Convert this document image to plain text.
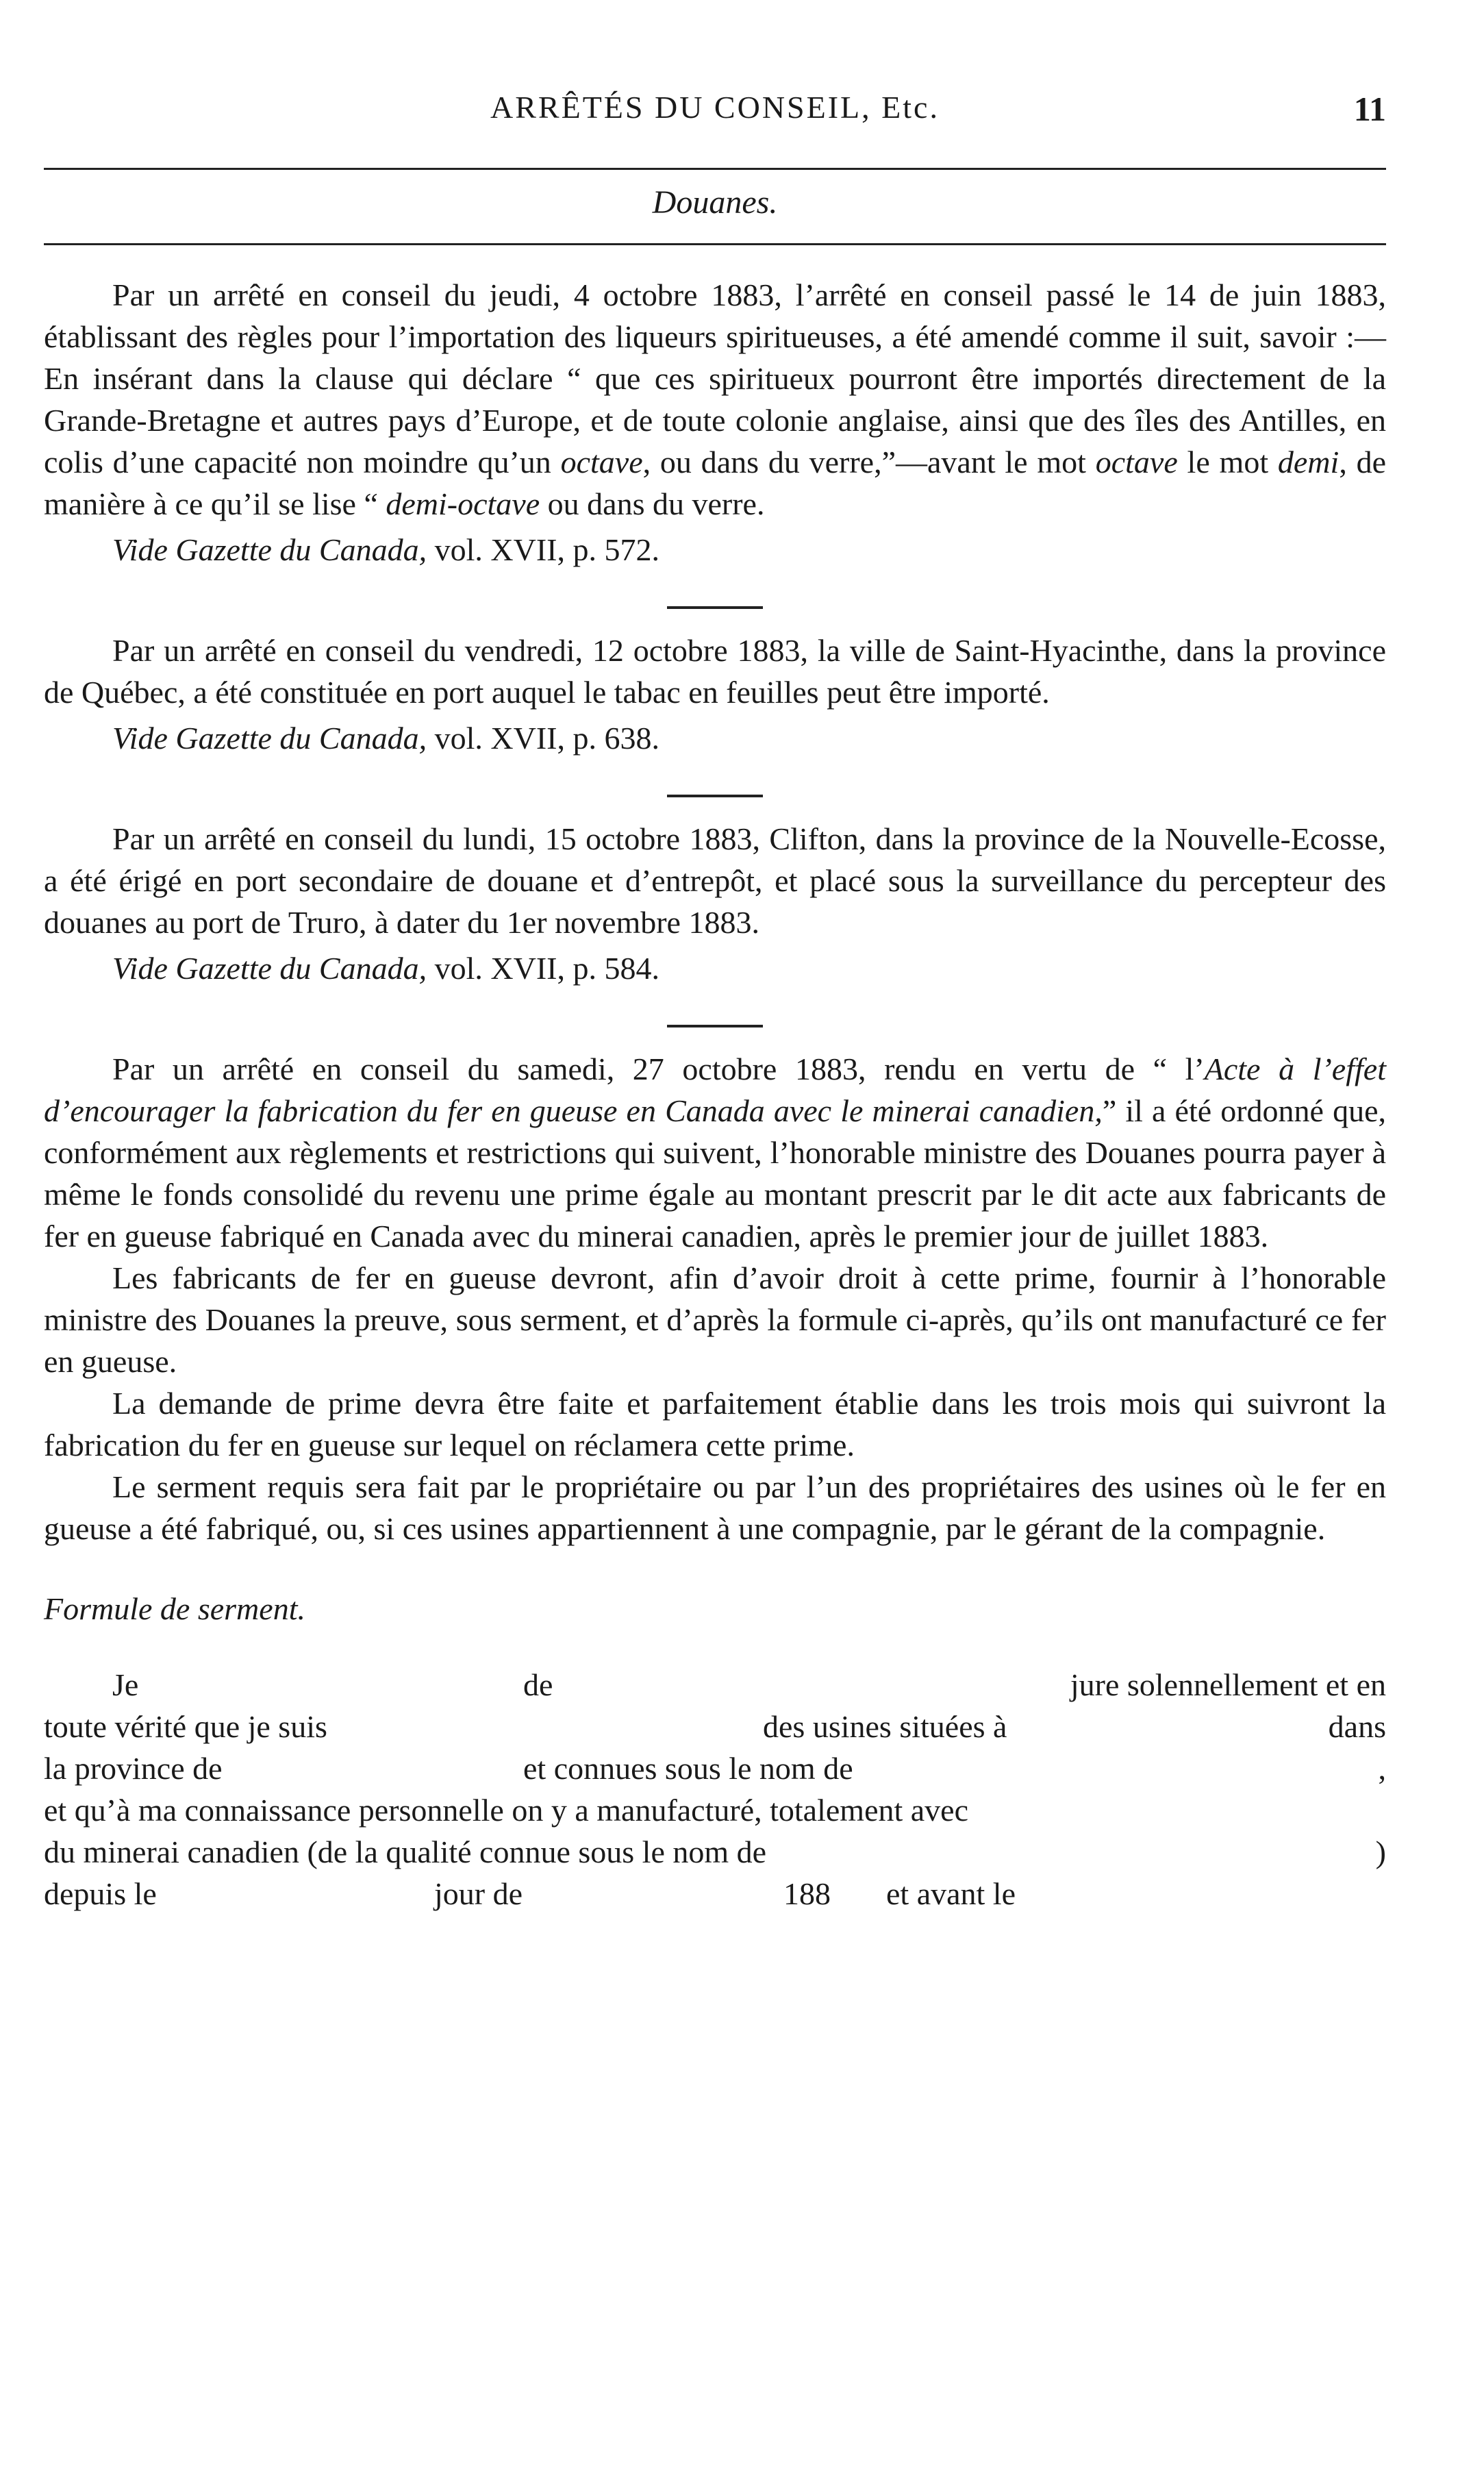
ARRÊTÉS DU CONSEIL, Etc.	11
Douanes.

Par un arrêté en conseil du jeudi, 4 octobre 1883, l’arrêté en conseil passé le 14 de juin 1883, établissant des règles pour l’importation des liqueurs spiritueuses, a été amendé comme il suit, savoir :—En insérant dans la clause qui déclare “ que ces spiritueux pourront être importés directement de la Grande-Bretagne et autres pays d’Europe, et de toute colonie anglaise, ainsi que des îles des Antilles, en colis d’une capacité non moindre qu’un octave, ou dans du verre,”—avant le mot octave le mot demi, de manière à ce qu’il se lise “ demi-octave ou dans du verre.

Vide Gazette du Canada, vol. XVII, p. 572.

Par un arrêté en conseil du vendredi, 12 octobre 1883, la ville de Saint-Hyacinthe, dans la province de Québec, a été constituée en port auquel le tabac en feuilles peut être importé.

Vide Gazette du Canada, vol. XVII, p. 638.

Par un arrêté en conseil du lundi, 15 octobre 1883, Clifton, dans la province de la Nouvelle-Ecosse, a été érigé en port secondaire de douane et d’entrepôt, et placé sous la surveillance du percepteur des douanes au port de Truro, à dater du 1er novembre 1883.

Vide Gazette du Canada, vol. XVII, p. 584.

Par un arrêté en conseil du samedi, 27 octobre 1883, rendu en vertu de “ l’Acte à l’effet d’encourager la fabrication du fer en gueuse en Canada avec le minerai canadien,” il a été ordonné que, conformément aux règlements et restrictions qui suivent, l’honorable ministre des Douanes pourra payer à même le fonds consolidé du revenu une prime égale au montant prescrit par le dit acte aux fabricants de fer en gueuse fabriqué en Canada avec du minerai canadien, après le premier jour de juillet 1883.

Les fabricants de fer en gueuse devront, afin d’avoir droit à cette prime, fournir à l’honorable ministre des Douanes la preuve, sous serment, et d’après la formule ci-après, qu’ils ont manufacturé ce fer en gueuse.

La demande de prime devra être faite et parfaitement établie dans les trois mois qui suivront la fabrication du fer en gueuse sur lequel on réclamera cette prime.

Le serment requis sera fait par le propriétaire ou par l’un des propriétaires des usines où le fer en gueuse a été fabriqué, ou, si ces usines appartiennent à une compagnie, par le gérant de la compagnie.

Formule de serment.

Je	de	jure solennellement et en
toute vérité que je suis	des usines situées à	dans
la province de	et connues sous le nom de	,
et qu’à ma connaissance personnelle on y a manufacturé, totalement avec
du minerai canadien (de la qualité connue sous le nom de	)
depuis le	jour de	188 et avant le
